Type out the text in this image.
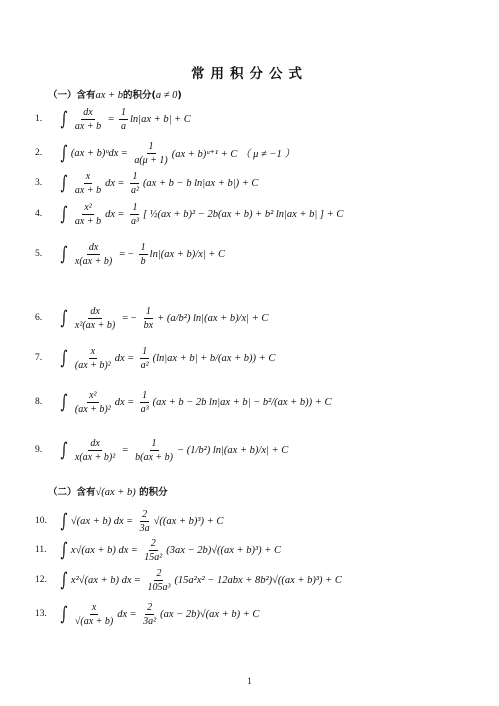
常用积分公式
（一）含有ax + b的积分(a ≠ 0)
1. ∫ $\frac{dx}{ax + b} = \frac{1}{a} \ln|ax + b| + C$
2. ∫ (ax + b)ᵘdx = $\frac{1}{a(\mu + 1)} (ax$ + b)ᵘ⁺¹ + C （ μ ≠ −1 ）
3. ∫ $\frac{x}{ax + b}$ dx = $\frac{1}{\text{a²}} (ax + b - b$ ln|ax + b|) + C
4. ∫ $\frac{\text{x²}}{ax + b}$ dx = $\frac{1}{\text{a³}}$ [ ½(ax + b)² − 2b(ax + b) + b² ln|ax + b| ] + C
5. ∫ $\frac{dx}{x(ax + b)}$ = − $\frac{1}{b} \ln|(ax + b)/x| + C$
6. ∫ $\frac{dx}{\text{x²(ax + b)}}$ = − $\frac{1}{bx} + (a/b^2) \ln|(ax + b)/x| + C$
7. ∫ $\frac{x}{\text{(ax + b)²}}$ dx = $\frac{1}{\text{a²}} (\ln|ax + b| + b/(ax + b)) + C$
8. ∫ $\frac{\text{x²}}{\text{(ax + b)²}}$ dx = $\frac{1}{\text{a³}} (ax + b - 2b$ ln|ax + b| − b²/(ax + b)) + C
9. ∫ $\frac{dx}{\text{x(ax + b)²}} = \frac{1}{b(ax + b)} - (1/b^2) \ln|(ax + b)/x| + C$
10. ∫ √(ax + b) dx = $\frac{2}{3a} √((ax + b)^3) + C$
11. ∫ x√(ax + b) dx = $\frac{2}{\text{15a²}} (3ax - 2b)√((ax + b)^3) + C$
12. ∫ x²√(ax + b) dx = $\frac{2}{\text{105a³}} (15a^2x^2 - 12abx + 8b^2)√((ax + b)^3) + C$
13. ∫ $\frac{x}{√(ax + b)}$ dx = $\frac{2}{\text{3a²}} (ax - 2b)√(ax + b) + C$
（二）含有√(ax + b) 的积分
1
